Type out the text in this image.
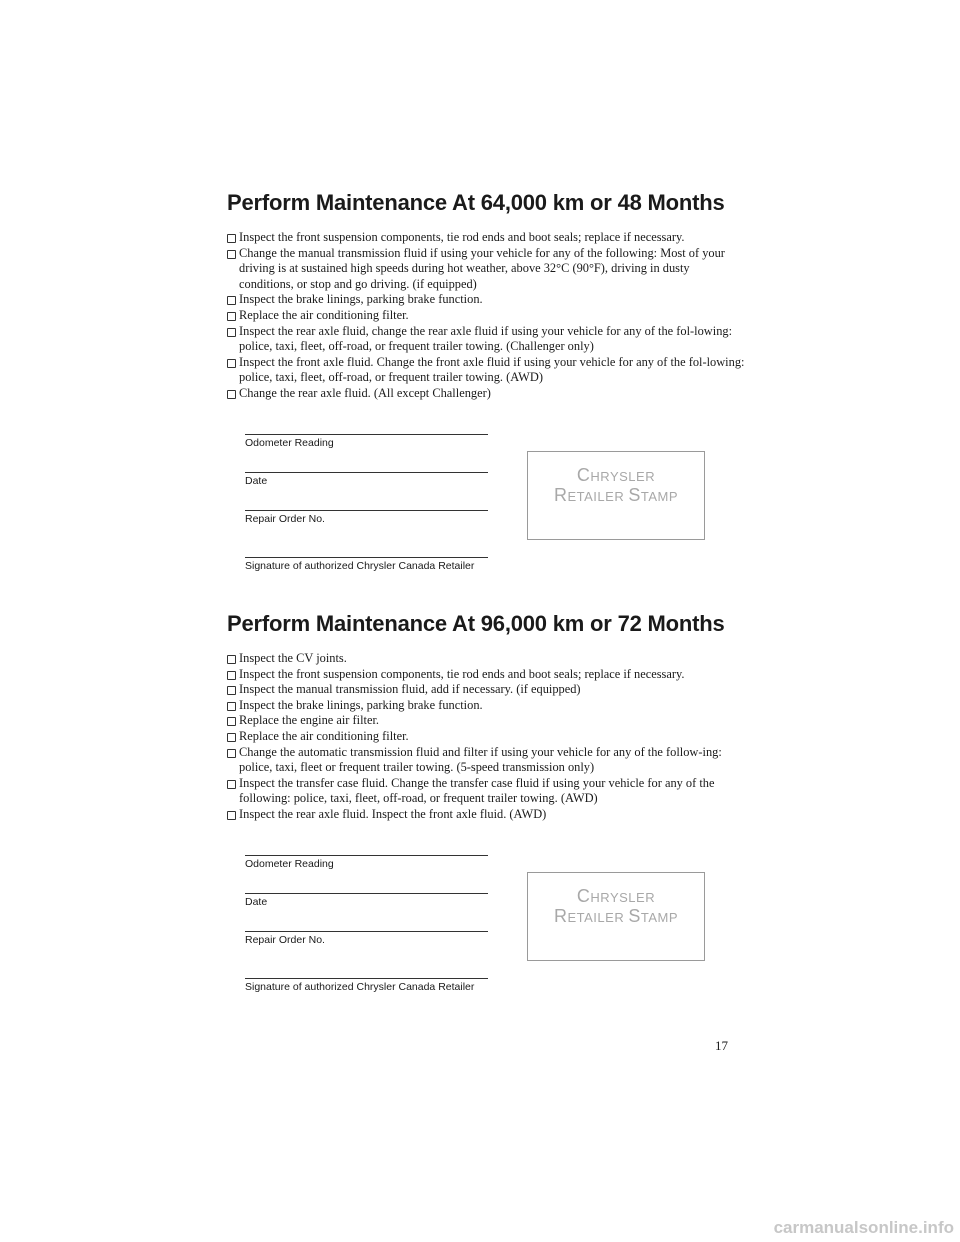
Perform Maintenance At 64,000 km or 48 Months
Inspect the front suspension components, tie rod ends and boot seals; replace if necessary.
Change the manual transmission fluid if using your vehicle for any of the following: Most of your driving is at sustained high speeds during hot weather, above 32°C (90°F), driving in dusty conditions, or stop and go driving. (if equipped)
Inspect the brake linings, parking brake function.
Replace the air conditioning filter.
Inspect the rear axle fluid, change the rear axle fluid if using your vehicle for any of the fol-lowing: police, taxi, fleet, off-road, or frequent trailer towing. (Challenger only)
Inspect the front axle fluid. Change the front axle fluid if using your vehicle for any of the fol-lowing: police, taxi, fleet, off-road, or frequent trailer towing. (AWD)
Change the rear axle fluid. (All except Challenger)
Odometer Reading
Date
Repair Order No.
Signature of authorized Chrysler Canada Retailer
CHRYSLER
RETAILER STAMP
Perform Maintenance At 96,000 km or 72 Months
Inspect the CV joints.
Inspect the front suspension components, tie rod ends and boot seals; replace if necessary.
Inspect the manual transmission fluid, add if necessary. (if equipped)
Inspect the brake linings, parking brake function.
Replace the engine air filter.
Replace the air conditioning filter.
Change the automatic transmission fluid and filter if using your vehicle for any of the follow-ing: police, taxi, fleet or frequent trailer towing. (5-speed transmission only)
Inspect the transfer case fluid. Change the transfer case fluid if using your vehicle for any of the following: police, taxi, fleet, off-road, or frequent trailer towing. (AWD)
Inspect the rear axle fluid. Inspect the front axle fluid. (AWD)
Odometer Reading
Date
Repair Order No.
Signature of authorized Chrysler Canada Retailer
CHRYSLER
RETAILER STAMP
17
carmanualsonline.info
